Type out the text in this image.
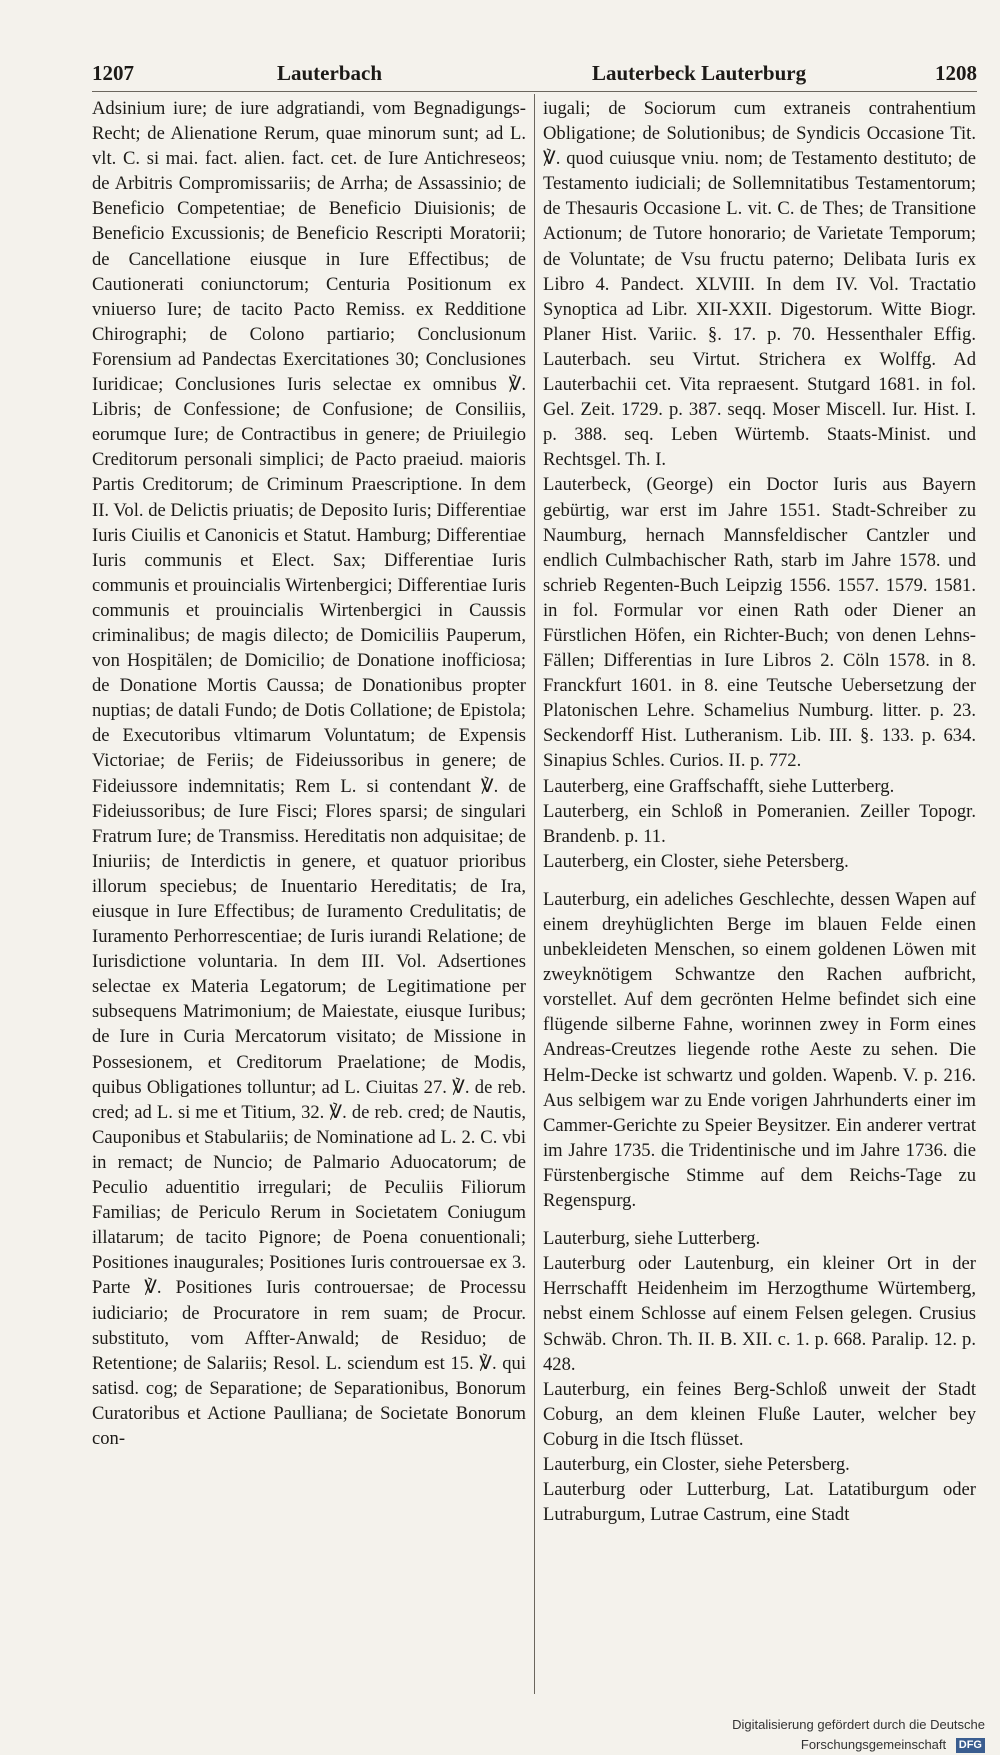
1207	Lauterbach	Lauterbeck Lauterburg	1208

Adsinium iure; de iure adgratiandi, vom Begnadigungs-Recht; de Alienatione Rerum, quae minorum sunt; ad L. vlt. C. si mai. fact. alien. fact. cet. de Iure Antichreseos; de Arbitris Compromissariis; de Arrha; de Assassinio; de Beneficio Competentiae; de Beneficio Diuisionis; de Beneficio Excussionis; de Beneficio Rescripti Moratorii; de Cancellatione eiusque in Iure Effectibus; de Cautionerati coniunctorum; Centuria Positionum ex vniuerso Iure; de tacito Pacto Remiss. ex Redditione Chirographi; de Colono partiario; Conclusionum Forensium ad Pandectas Exercitationes 30; Conclusiones Iuridicae; Conclusiones Iuris selectae ex omnibus ℣. Libris; de Confessione; de Confusione; de Consiliis, eorumque Iure; de Contractibus in genere; de Priuilegio Creditorum personali simplici; de Pacto praeiud. maioris Partis Creditorum; de Criminum Praescriptione. In dem II. Vol. de Delictis priuatis; de Deposito Iuris; Differentiae Iuris Ciuilis et Canonicis et Statut. Hamburg; Differentiae Iuris communis et Elect. Sax; Differentiae Iuris communis et prouincialis Wirtenbergici; Differentiae Iuris communis et prouincialis Wirtenbergici in Caussis criminalibus; de magis dilecto; de Domiciliis Pauperum, von Hospitälen; de Domicilio; de Donatione inofficiosa; de Donatione Mortis Caussa; de Donationibus propter nuptias; de datali Fundo; de Dotis Collatione; de Epistola; de Executoribus vltimarum Voluntatum; de Expensis Victoriae; de Feriis; de Fideiussoribus in genere; de Fideiussore indemnitatis; Rem L. si contendant ℣. de Fideiussoribus; de Iure Fisci; Flores sparsi; de singulari Fratrum Iure; de Transmiss. Hereditatis non adquisitae; de Iniuriis; de Interdictis in genere, et quatuor prioribus illorum speciebus; de Inuentario Hereditatis; de Ira, eiusque in Iure Effectibus; de Iuramento Credulitatis; de Iuramento Perhorrescentiae; de Iuris iurandi Relatione; de Iurisdictione voluntaria. In dem III. Vol. Adsertiones selectae ex Materia Legatorum; de Legitimatione per subsequens Matrimonium; de Maiestate, eiusque Iuribus; de Iure in Curia Mercatorum visitato; de Missione in Possesionem, et Creditorum Praelatione; de Modis, quibus Obligationes tolluntur; ad L. Ciuitas 27. ℣. de reb. cred; ad L. si me et Titium, 32. ℣. de reb. cred; de Nautis, Cauponibus et Stabulariis; de Nominatione ad L. 2. C. vbi in remact; de Nuncio; de Palmario Aduocatorum; de Peculio aduentitio irregulari; de Peculiis Filiorum Familias; de Periculo Rerum in Societatem Coniugum illatarum; de tacito Pignore; de Poena conuentionali; Positiones inaugurales; Positiones Iuris controuersae ex 3. Parte ℣. Positiones Iuris controuersae; de Processu iudiciario; de Procuratore in rem suam; de Procur. substituto, vom Affter-Anwald; de Residuo; de Retentione; de Salariis; Resol. L. sciendum est 15. ℣. qui satisd. cog; de Separatione; de Separationibus, Bonorum Curatoribus et Actione Paulliana; de Societate Bonorum con-

iugali; de Sociorum cum extraneis contrahentium Obligatione; de Solutionibus; de Syndicis Occasione Tit. ℣. quod cuiusque vniu. nom; de Testamento destituto; de Testamento iudiciali; de Sollemnitatibus Testamentorum; de Thesauris Occasione L. vit. C. de Thes; de Transitione Actionum; de Tutore honorario; de Varietate Temporum; de Voluntate; de Vsu fructu paterno; Delibata Iuris ex Libro 4. Pandect. XLVIII. In dem IV. Vol. Tractatio Synoptica ad Libr. XII-XXII. Digestorum. Witte Biogr. Planer Hist. Variic. §. 17. p. 70. Hessenthaler Effig. Lauterbach. seu Virtut. Strichera ex Wolffg. Ad Lauterbachii cet. Vita repraesent. Stutgard 1681. in fol. Gel. Zeit. 1729. p. 387. seqq. Moser Miscell. Iur. Hist. I. p. 388. seq. Leben Würtemb. Staats-Minist. und Rechtsgel. Th. I.

Lauterbeck, (George) ein Doctor Iuris aus Bayern gebürtig, war erst im Jahre 1551. Stadt-Schreiber zu Naumburg, hernach Mannsfeldischer Cantzler und endlich Culmbachischer Rath, starb im Jahre 1578. und schrieb Regenten-Buch Leipzig 1556. 1557. 1579. 1581. in fol. Formular vor einen Rath oder Diener an Fürstlichen Höfen, ein Richter-Buch; von denen Lehns-Fällen; Differentias in Iure Libros 2. Cöln 1578. in 8. Franckfurt 1601. in 8. eine Teutsche Uebersetzung der Platonischen Lehre. Schamelius Numburg. litter. p. 23. Seckendorff Hist. Lutheranism. Lib. III. §. 133. p. 634. Sinapius Schles. Curios. II. p. 772.

Lauterberg, eine Graffschafft, siehe Lutterberg.

Lauterberg, ein Schloß in Pomeranien. Zeiller Topogr. Brandenb. p. 11.

Lauterberg, ein Closter, siehe Petersberg.

Lauterburg, ein adeliches Geschlechte, dessen Wapen auf einem dreyhüglichten Berge im blauen Felde einen unbekleideten Menschen, so einem goldenen Löwen mit zweyknötigem Schwantze den Rachen aufbricht, vorstellet. Auf dem gecrönten Helme befindet sich eine flügende silberne Fahne, worinnen zwey in Form eines Andreas-Creutzes liegende rothe Aeste zu sehen. Die Helm-Decke ist schwartz und golden. Wapenb. V. p. 216. Aus selbigem war zu Ende vorigen Jahrhunderts einer im Cammer-Gerichte zu Speier Beysitzer. Ein anderer vertrat im Jahre 1735. die Tridentinische und im Jahre 1736. die Fürstenbergische Stimme auf dem Reichs-Tage zu Regenspurg.

Lauterburg, siehe Lutterberg.

Lauterburg oder Lautenburg, ein kleiner Ort in der Herrschafft Heidenheim im Herzogthume Würtemberg, nebst einem Schlosse auf einem Felsen gelegen. Crusius Schwäb. Chron. Th. II. B. XII. c. 1. p. 668. Paralip. 12. p. 428.

Lauterburg, ein feines Berg-Schloß unweit der Stadt Coburg, an dem kleinen Fluße Lauter, welcher bey Coburg in die Itsch flüsset.

Lauterburg, ein Closter, siehe Petersberg.

Lauterburg oder Lutterburg, Lat. Latatiburgum oder Lutraburgum, Lutrae Castrum, eine Stadt

Digitalisierung gefördert durch die Deutsche Forschungsgemeinschaft DFG
